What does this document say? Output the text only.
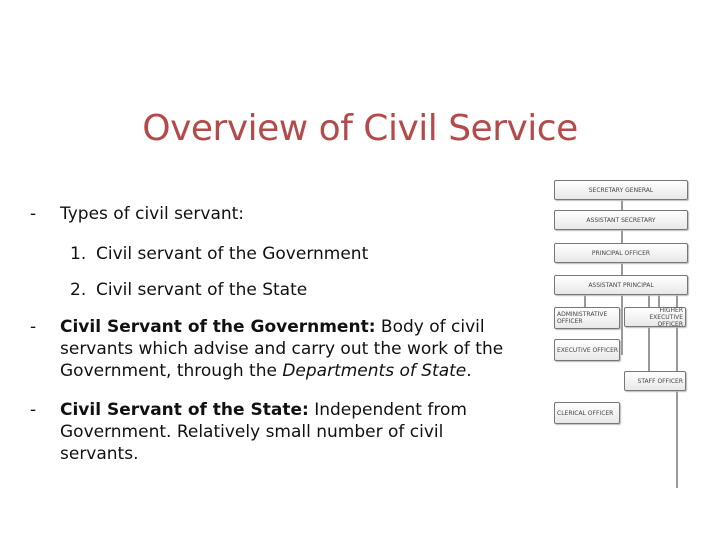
Overview of Civil Service
- Types of civil servant:
1. Civil servant of the Government
2. Civil servant of the State
- Civil Servant of the Government: Body of civil servants which advise and carry out the work of the Government, through the Departments of State.
- Civil Servant of the State: Independent from Government. Relatively small number of civil servants.
SECRETARY GENERAL
ASSISTANT SECRETARY
PRINCIPAL OFFICER
ASSISTANT PRINCIPAL
ADMINISTRATIVE OFFICER
HIGHER EXECUTIVE OFFICER
EXECUTIVE OFFICER
STAFF OFFICER
CLERICAL OFFICER
